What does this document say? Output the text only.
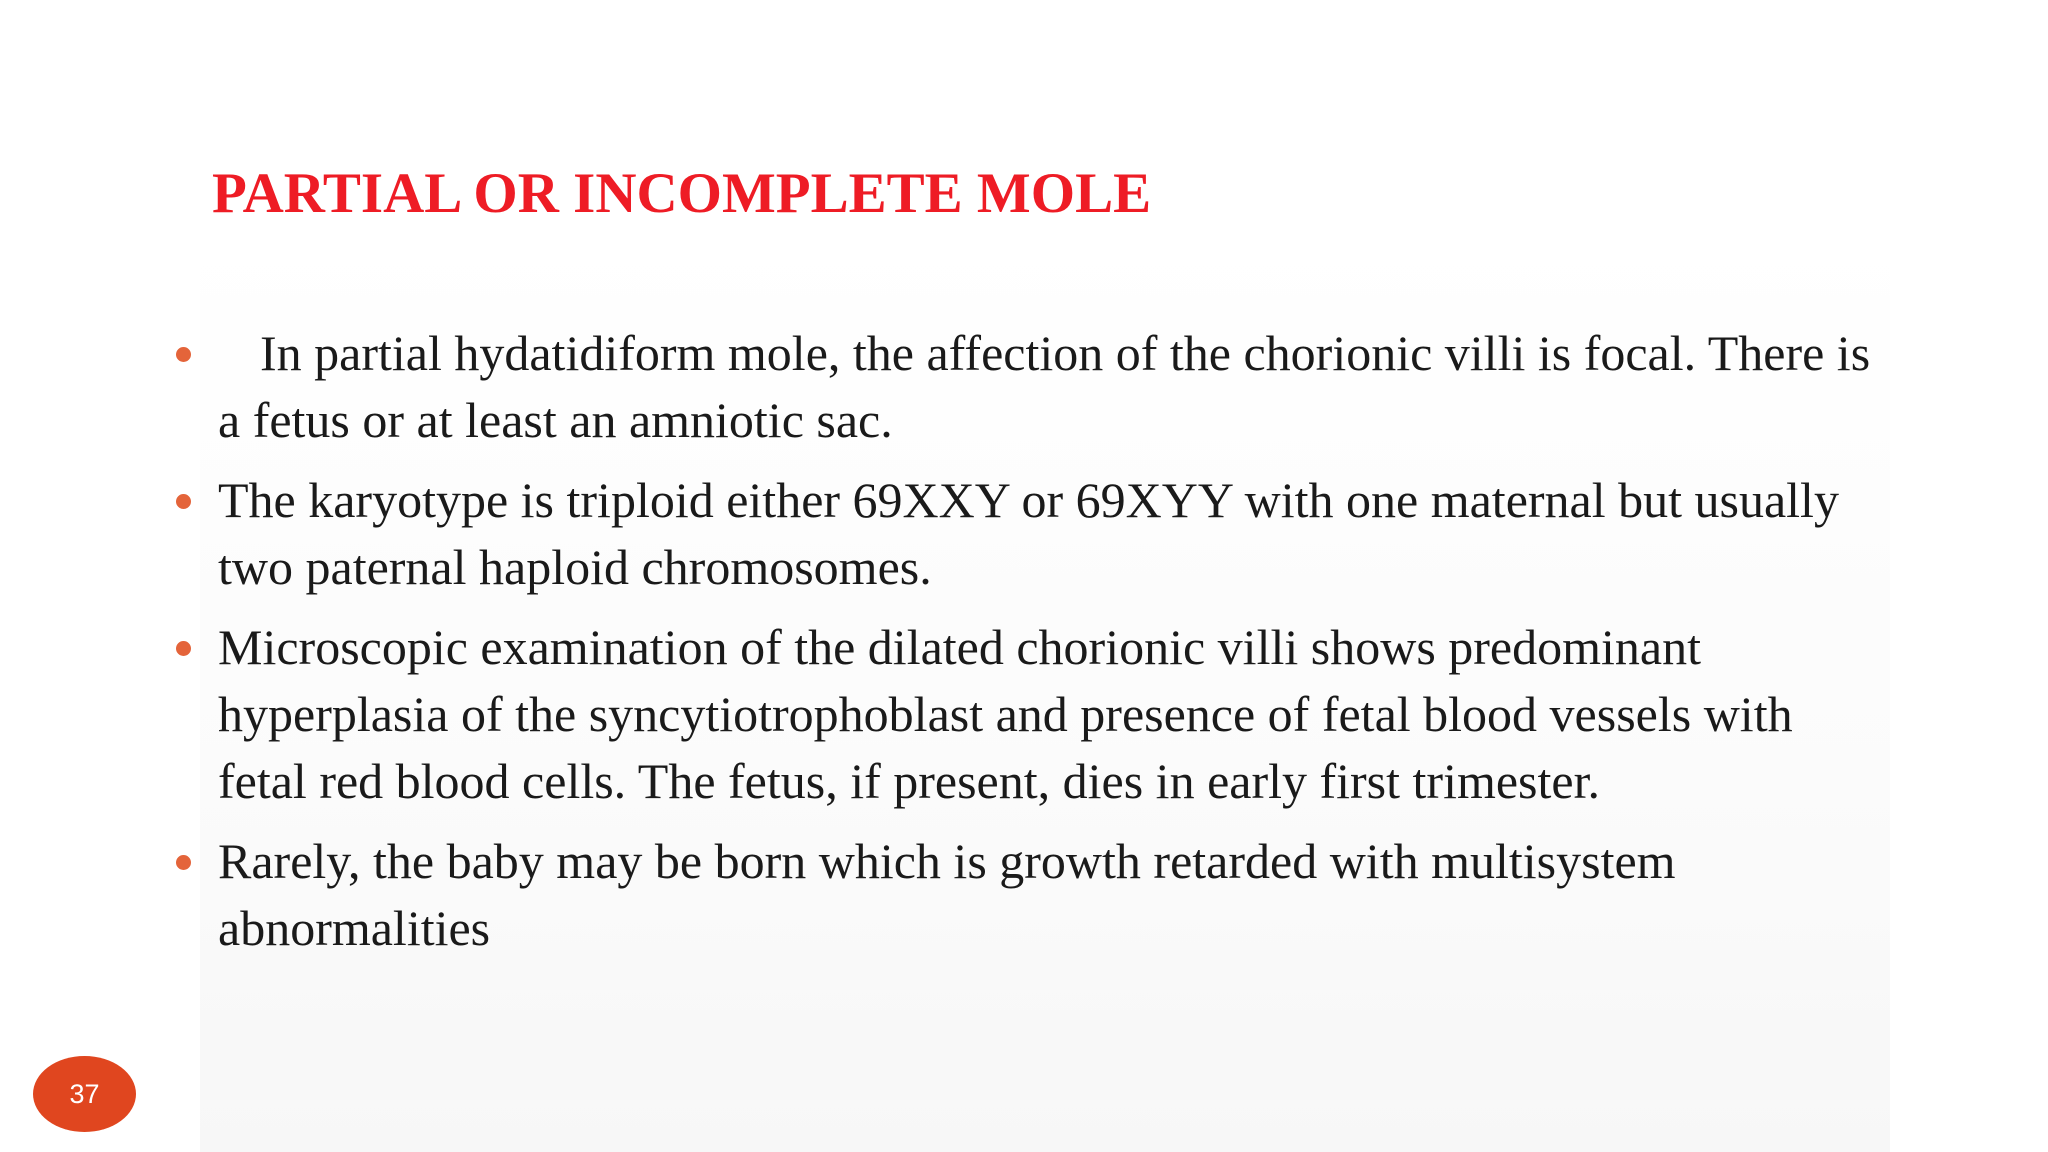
PARTIAL OR INCOMPLETE MOLE
In partial hydatidiform mole, the affection of the chorionic villi is focal. There is a fetus or at least an amniotic sac.
The karyotype is triploid either 69XXY or 69XYY with one maternal but usually two paternal haploid chromosomes.
Microscopic examination of the dilated chorionic villi shows predominant hyperplasia of the syncytiotrophoblast and presence of fetal blood vessels with fetal red blood cells. The fetus, if present, dies in early first trimester.
Rarely, the baby may be born which is growth retarded with multisystem abnormalities
37
